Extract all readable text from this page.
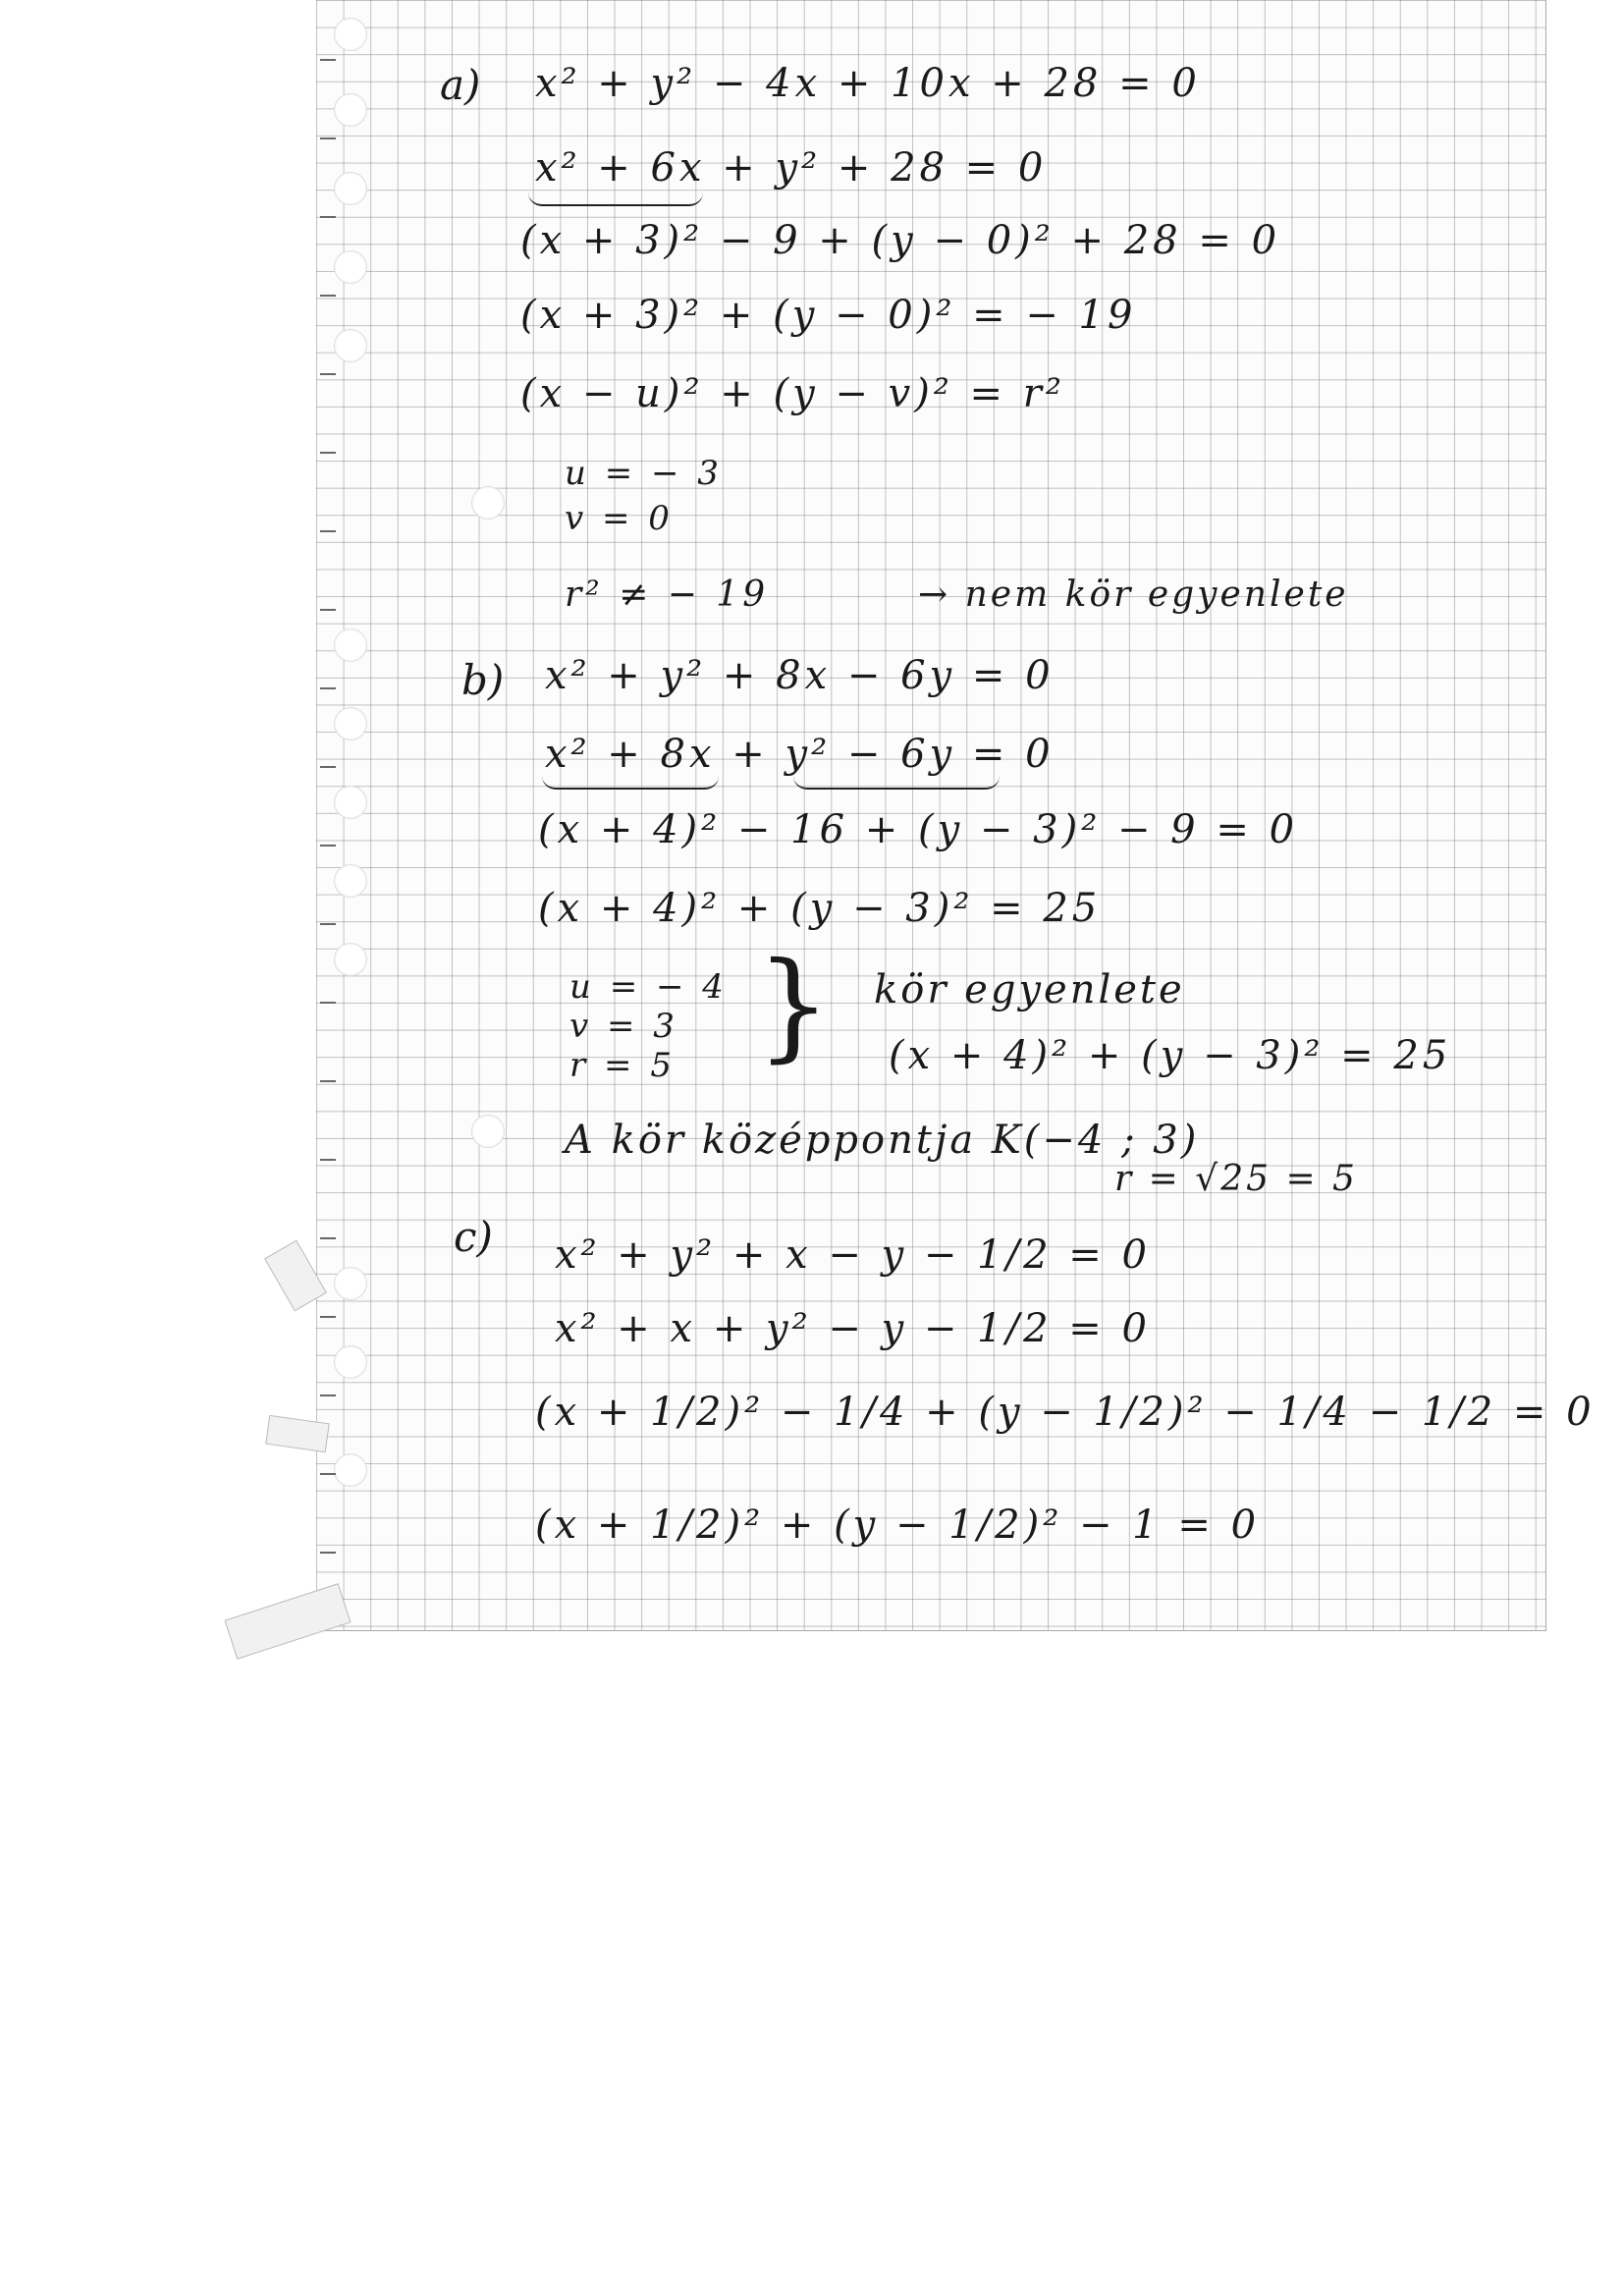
a) x² + y² − 4x + 10x + 28 = 0
x² + 6x + y² + 28 = 0
(x + 3)² − 9 + (y − 0)² + 28 = 0
(x + 3)² + (y − 0)² = − 19
(x − u)² + (y − v)² = r²
u = − 3
v = 0
r² ≠ − 19	→ nem kör egyenlete
b) x² + y² + 8x − 6y = 0
x² + 8x + y² − 6y = 0
(x + 4)² − 16 + (y − 3)² − 9 = 0
(x + 4)² + (y − 3)² = 25
u = − 4
v = 3
r = 5 } kör egyenlete
(x + 4)² + (y − 3)² = 25
A kör középpontja K(−4 ; 3)
r = √25 = 5
c) x² + y² + x − y − 1/2 = 0
x² + x + y² − y − 1/2 = 0
(x + 1/2)² − 1/4 + (y − 1/2)² − 1/4 − 1/2 = 0
(x + 1/2)² + (y − 1/2)² − 1 = 0
